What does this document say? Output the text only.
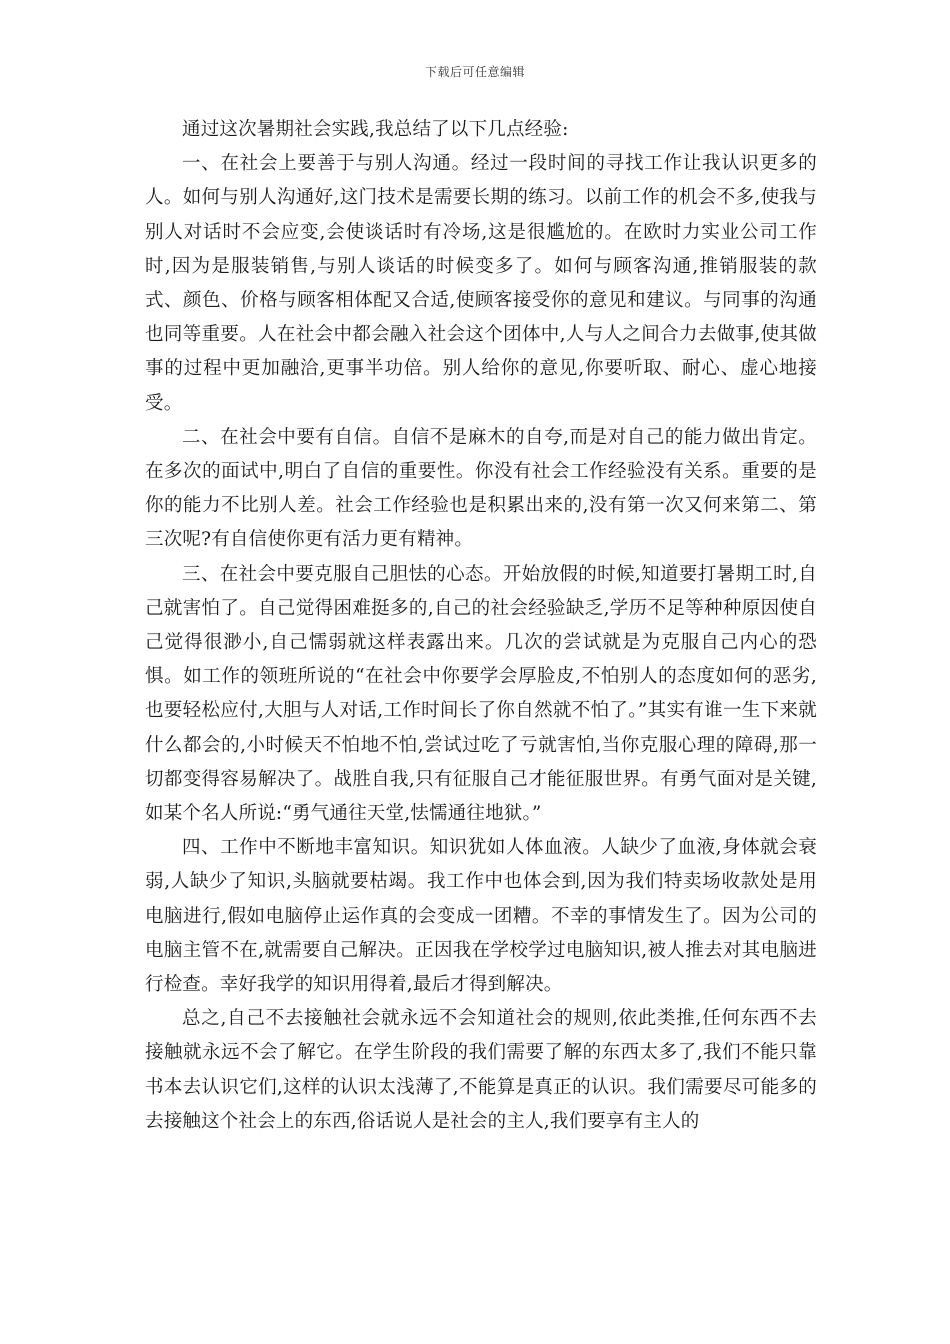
下载后可任意编辑

通过这次暑期社会实践,我总结了以下几点经验:

一、在社会上要善于与别人沟通。经过一段时间的寻找工作让我认识更多的人。如何与别人沟通好,这门技术是需要长期的练习。以前工作的机会不多,使我与别人对话时不会应变,会使谈话时有冷场,这是很尴尬的。在欧时力实业公司工作时,因为是服装销售,与别人谈话的时候变多了。如何与顾客沟通,推销服装的款式、颜色、价格与顾客相体配又合适,使顾客接受你的意见和建议。与同事的沟通也同等重要。人在社会中都会融入社会这个团体中,人与人之间合力去做事,使其做事的过程中更加融洽,更事半功倍。别人给你的意见,你要听取、耐心、虚心地接受。

二、在社会中要有自信。自信不是麻木的自夸,而是对自己的能力做出肯定。在多次的面试中,明白了自信的重要性。你没有社会工作经验没有关系。重要的是你的能力不比别人差。社会工作经验也是积累出来的,没有第一次又何来第二、第三次呢?有自信使你更有活力更有精神。

三、在社会中要克服自己胆怯的心态。开始放假的时候,知道要打暑期工时,自己就害怕了。自己觉得困难挺多的,自己的社会经验缺乏,学历不足等种种原因使自己觉得很渺小,自己懦弱就这样表露出来。几次的尝试就是为克服自己内心的恐惧。如工作的领班所说的“在社会中你要学会厚脸皮,不怕别人的态度如何的恶劣,也要轻松应付,大胆与人对话,工作时间长了你自然就不怕了。”其实有谁一生下来就什么都会的,小时候天不怕地不怕,尝试过吃了亏就害怕,当你克服心理的障碍,那一切都变得容易解决了。战胜自我,只有征服自己才能征服世界。有勇气面对是关键,如某个名人所说:“勇气通往天堂,怯懦通往地狱。”

四、工作中不断地丰富知识。知识犹如人体血液。人缺少了血液,身体就会衰弱,人缺少了知识,头脑就要枯竭。我工作中也体会到,因为我们特卖场收款处是用电脑进行,假如电脑停止运作真的会变成一团糟。不幸的事情发生了。因为公司的电脑主管不在,就需要自己解决。正因我在学校学过电脑知识,被人推去对其电脑进行检查。幸好我学的知识用得着,最后才得到解决。

总之,自己不去接触社会就永远不会知道社会的规则,依此类推,任何东西不去接触就永远不会了解它。在学生阶段的我们需要了解的东西太多了,我们不能只靠书本去认识它们,这样的认识太浅薄了,不能算是真正的认识。我们需要尽可能多的去接触这个社会上的东西,俗话说人是社会的主人,我们要享有主人的
